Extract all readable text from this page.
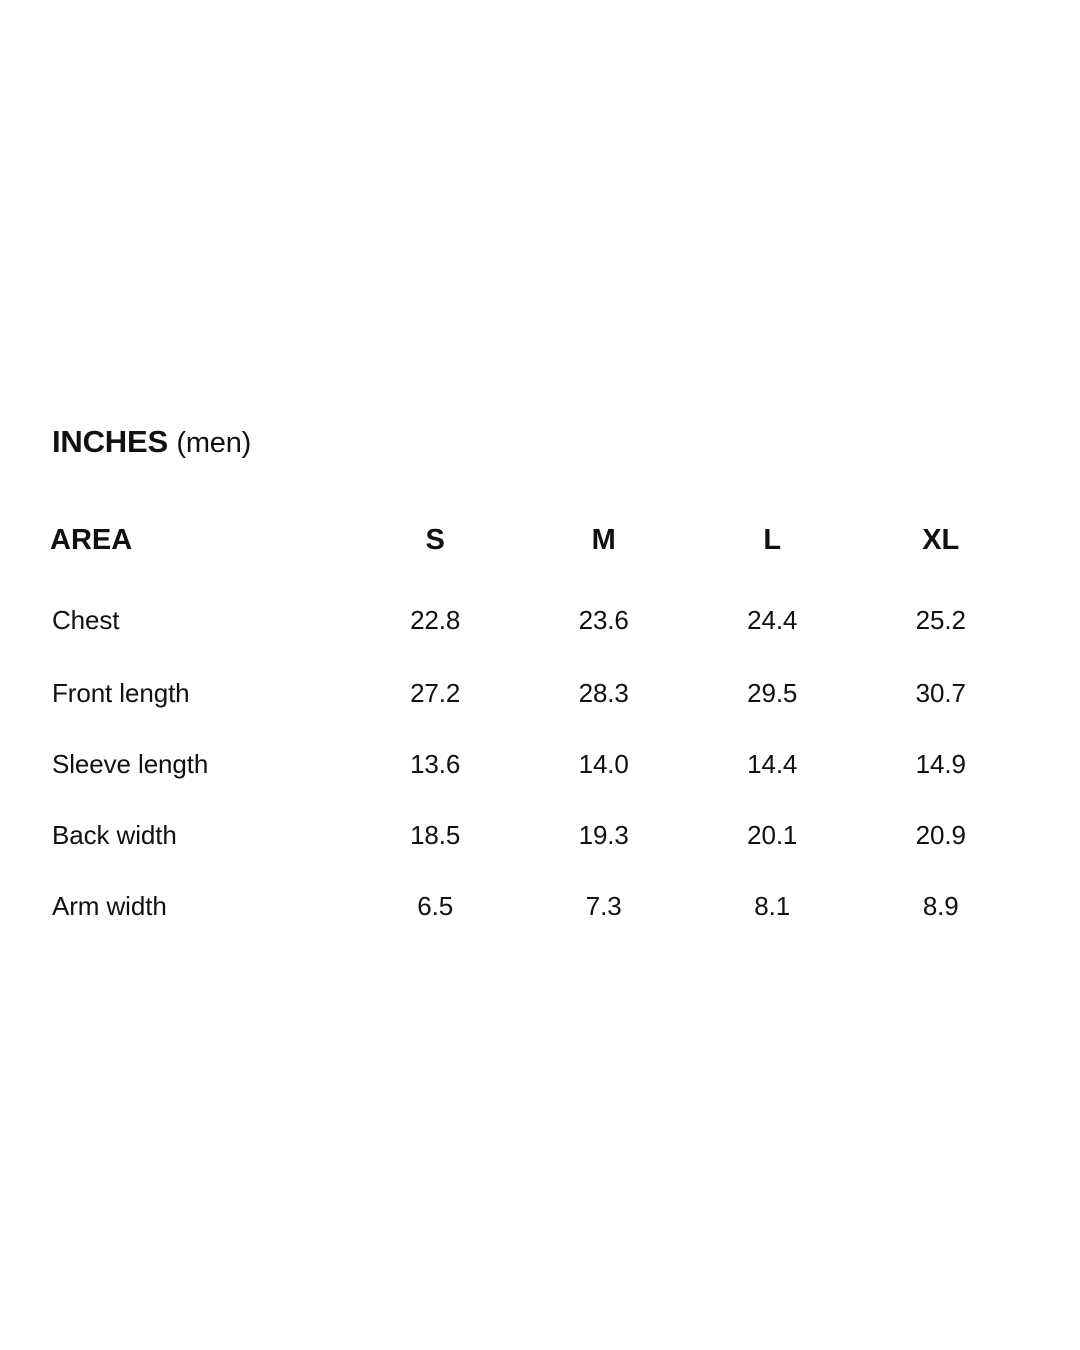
INCHES (men)
AREA	S	M	L	XL
Chest	22.8	23.6	24.4	25.2
Front length	27.2	28.3	29.5	30.7
Sleeve length	13.6	14.0	14.4	14.9
Back width	18.5	19.3	20.1	20.9
Arm width	6.5	7.3	8.1	8.9
